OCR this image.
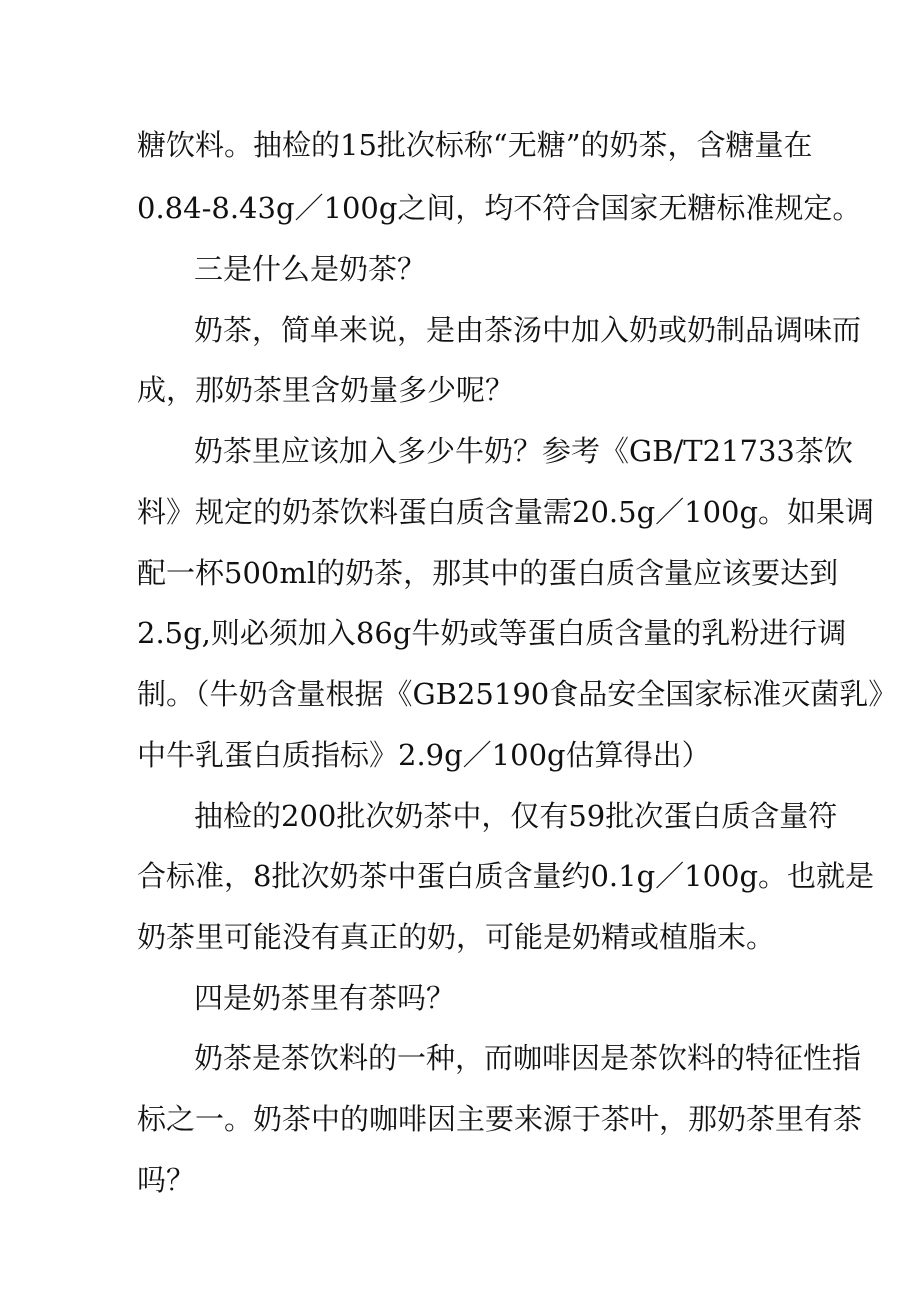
糖饮料。抽检的15批次标称“无糖”的奶茶，含糖量在
0.84-8.43g／100g之间，均不符合国家无糖标准规定。
三是什么是奶茶？
奶茶，简单来说，是由茶汤中加入奶或奶制品调味而
成，那奶茶里含奶量多少呢？
奶茶里应该加入多少牛奶？参考《GB/T21733茶饮
料》规定的奶茶饮料蛋白质含量需20.5g／100g。如果调
配一杯500ml的奶茶，那其中的蛋白质含量应该要达到
2.5g,则必须加入86g牛奶或等蛋白质含量的乳粉进行调
制。（牛奶含量根据《GB25190食品安全国家标准灭菌乳》
中牛乳蛋白质指标》2.9g／100g估算得出）
抽检的200批次奶茶中，仅有59批次蛋白质含量符
合标准，8批次奶茶中蛋白质含量约0.1g／100g。也就是
奶茶里可能没有真正的奶，可能是奶精或植脂末。
四是奶茶里有茶吗？
奶茶是茶饮料的一种，而咖啡因是茶饮料的特征性指
标之一。奶茶中的咖啡因主要来源于茶叶，那奶茶里有茶
吗？
